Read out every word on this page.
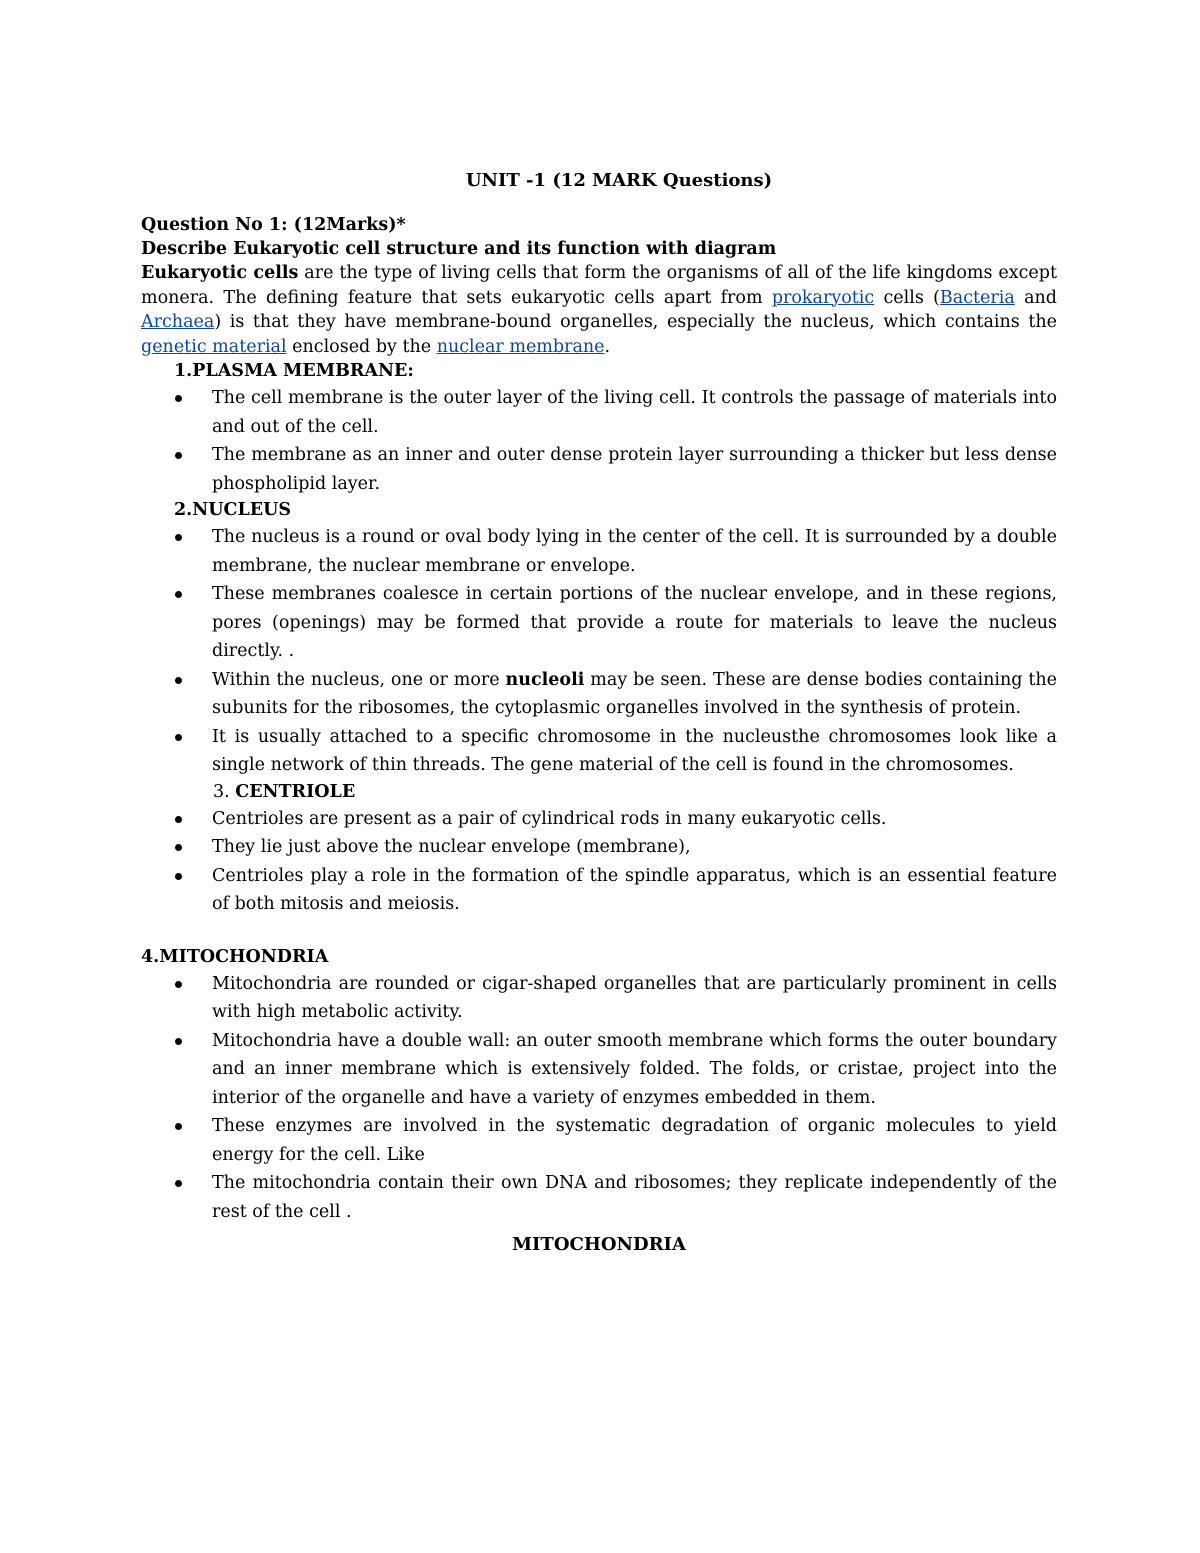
UNIT -1 (12 MARK Questions)

Question No 1: (12Marks)*

Describe Eukaryotic cell structure and its function with diagram

Eukaryotic cells are the type of living cells that form the organisms of all of the life kingdoms except monera. The defining feature that sets eukaryotic cells apart from prokaryotic cells (Bacteria and Archaea) is that they have membrane-bound organelles, especially the nucleus, which contains the genetic material enclosed by the nuclear membrane.

1.PLASMA MEMBRANE:

The cell membrane is the outer layer of the living cell. It controls the passage of materials into and out of the cell.
The membrane as an inner and outer dense protein layer surrounding a thicker but less dense phospholipid layer.

2.NUCLEUS

The nucleus is a round or oval body lying in the center of the cell. It is surrounded by a double membrane, the nuclear membrane or envelope.
These membranes coalesce in certain portions of the nuclear envelope, and in these regions, pores (openings) may be formed that provide a route for materials to leave the nucleus directly. .
Within the nucleus, one or more nucleoli may be seen. These are dense bodies containing the subunits for the ribosomes, the cytoplasmic organelles involved in the synthesis of protein.
It is usually attached to a specific chromosome in the nucleusthe chromosomes look like a single network of thin threads. The gene material of the cell is found in the chromosomes.

3. CENTRIOLE

Centrioles are present as a pair of cylindrical rods in many eukaryotic cells.
They lie just above the nuclear envelope (membrane),
Centrioles play a role in the formation of the spindle apparatus, which is an essential feature of both mitosis and meiosis.

4.MITOCHONDRIA

Mitochondria are rounded or cigar-shaped organelles that are particularly prominent in cells with high metabolic activity.
Mitochondria have a double wall: an outer smooth membrane which forms the outer boundary and an inner membrane which is extensively folded. The folds, or cristae, project into the interior of the organelle and have a variety of enzymes embedded in them.
These enzymes are involved in the systematic degradation of organic molecules to yield energy for the cell. Like
The mitochondria contain their own DNA and ribosomes; they replicate independently of the rest of the cell .

MITOCHONDRIA
